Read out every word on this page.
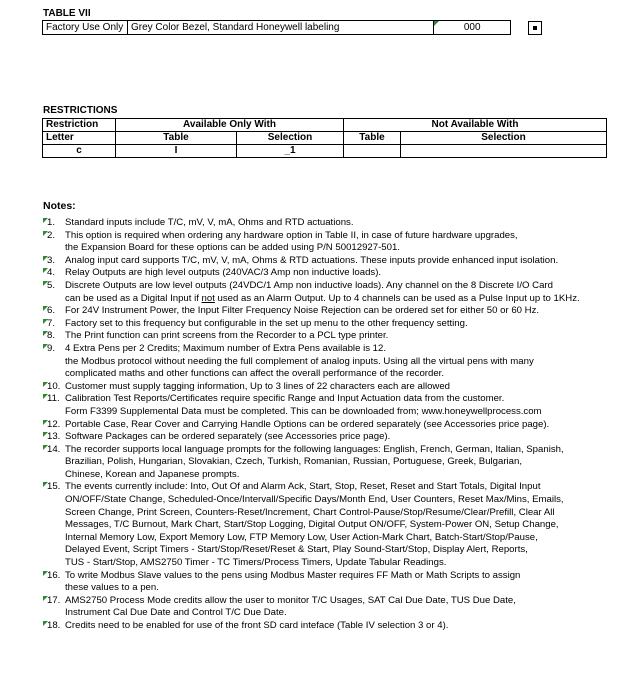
TABLE VII
Factory Use Only	Grey Color Bezel, Standard Honeywell labeling	000
RESTRICTIONS
Restriction	Available Only With		Not Available With	
Letter	Table	Selection	Table	Selection
c	I	_1		
Notes:
1. Standard inputs include T/C, mV, V, mA, Ohms and RTD actuations.
2. This option is required when ordering any hardware option in Table II, in case of future hardware upgrades,
the Expansion Board for these options can be added using P/N 50012927-501.
3. Analog input card supports T/C, mV, V, mA, Ohms & RTD actuations. These inputs provide enhanced input isolation.
4. Relay Outputs are high level outputs (240VAC/3 Amp non inductive loads).
5. Discrete Outputs are low level outputs (24VDC/1 Amp non inductive loads). Any channel on the 8 Discrete I/O Card
can be used as a Digital Input if not used as an Alarm Output. Up to 4 channels can be used as a Pulse Input up to 1KHz.
6. For 24V Instrument Power, the Input Filter Frequency Noise Rejection can be ordered set for either 50 or 60 Hz.
7. Factory set to this frequency but configurable in the set up menu to the other frequency setting.
8. The Print function can print screens from the Recorder to a PCL type printer.
9. 4 Extra Pens per 2 Credits; Maximum number of Extra Pens available is 12.
the Modbus protocol without needing the full complement of analog inputs. Using all the virtual pens with many
complicated maths and other functions can affect the overall performance of the recorder.
10. Customer must supply tagging information, Up to 3 lines of 22 characters each are allowed
11. Calibration Test Reports/Certificates require specific Range and Input Actuation data from the customer.
Form F3399 Supplemental Data must be completed. This can be downloaded from; www.honeywellprocess.com
12. Portable Case, Rear Cover and Carrying Handle Options can be ordered separately (see Accessories price page).
13. Software Packages can be ordered separately (see Accessories price page).
14. The recorder supports local language prompts for the following languages: English, French, German, Italian, Spanish,
Brazilian, Polish, Hungarian, Slovakian, Czech, Turkish, Romanian, Russian, Portuguese, Greek, Bulgarian,
Chinese, Korean and Japanese prompts.
15. The events currently include: Into, Out Of and Alarm Ack, Start, Stop, Reset, Reset and Start Totals, Digital Input
ON/OFF/State Change, Scheduled-Once/Intervall/Specific Days/Month End, User Counters, Reset Max/Mins, Emails,
Screen Change, Print Screen, Counters-Reset/Increment, Chart Control-Pause/Stop/Resume/Clear/Prefill, Clear All
Messages, T/C Burnout, Mark Chart, Start/Stop Logging, Digital Output ON/OFF, System-Power ON, Setup Change,
Internal Memory Low, Export Memory Low, FTP Memory Low, User Action-Mark Chart, Batch-Start/Stop/Pause,
Delayed Event, Script Timers - Start/Stop/Reset/Reset & Start, Play Sound-Start/Stop, Display Alert, Reports,
TUS - Start/Stop, AMS2750 Timer - TC Timers/Process Timers, Update Tabular Readings.
16. To write Modbus Slave values to the pens using Modbus Master requires FF Math or Math Scripts to assign
these values to a pen.
17. AMS2750 Process Mode credits allow the user to monitor T/C Usages, SAT Cal Due Date, TUS Due Date,
Instrument Cal Due Date and Control T/C Due Date.
18. Credits need to be enabled for use of the front SD card inteface (Table IV selection 3 or 4).
